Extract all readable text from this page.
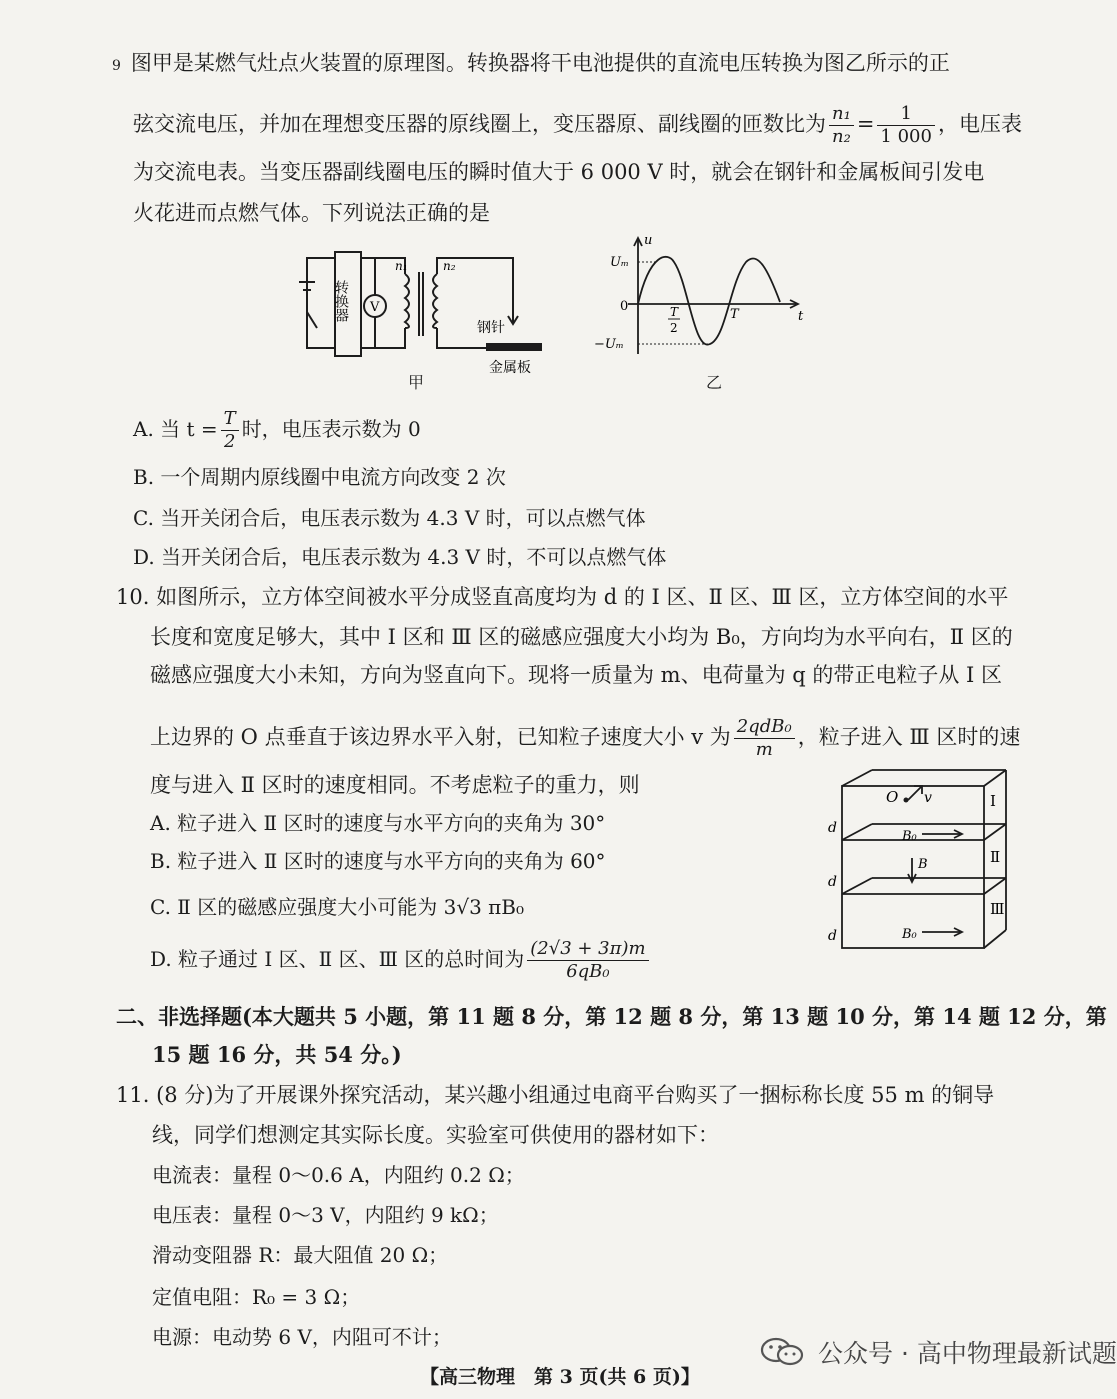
9 图甲是某燃气灶点火装置的原理图。转换器将干电池提供的直流电压转换为图乙所示的正
弦交流电压，并加在理想变压器的原线圈上，变压器原、副线圈的匝数比为 $\frac{\text{n₁}}{\text{n₂}} = \frac{1}{1 000}$ ，电压表
为交流电表。当变压器副线圈电压的瞬时值大于 6 000 V 时，就会在钢针和金属板间引发电
火花进而点燃气体。下列说法正确的是
转换器 V
n₁	n₂
钢针
金属板
甲
u
Uₘ
0
−Uₘ
t
T
2
T
乙
A. 当 $t = \frac{T}{2}$ 时，电压表示数为 0
B. 一个周期内原线圈中电流方向改变 2 次
C. 当开关闭合后，电压表示数为 4.3 V 时，可以点燃气体
D. 当开关闭合后，电压表示数为 4.3 V 时，不可以点燃气体
10. 如图所示，立方体空间被水平分成竖直高度均为 d 的 Ⅰ 区、Ⅱ 区、Ⅲ 区，立方体空间的水平
长度和宽度足够大，其中 Ⅰ 区和 Ⅲ 区的磁感应强度大小均为 B₀，方向均为水平向右，Ⅱ 区的
磁感应强度大小未知，方向为竖直向下。现将一质量为 m、电荷量为 q 的带正电粒子从 Ⅰ 区
上边界的 O 点垂直于该边界水平入射，已知粒子速度大小 v 为 $\frac{\text{2qdB₀}}{m}$ ，粒子进入 Ⅲ 区时的速
度与进入 Ⅱ 区时的速度相同。不考虑粒子的重力，则
A. 粒子进入 Ⅱ 区时的速度与水平方向的夹角为 30°
B. 粒子进入 Ⅱ 区时的速度与水平方向的夹角为 60°
C. Ⅱ 区的磁感应强度大小可能为 3√3 πB₀
D. 粒子通过 Ⅰ 区、Ⅱ 区、Ⅲ 区的总时间为 $\frac{(2√3 + 3\pi)m}{\text{6qB₀}}$
O v	Ⅰ
Ⅱ
Ⅲ
d
d
d
B₀
B
B₀
二、非选择题(本大题共 5 小题，第 11 题 8 分，第 12 题 8 分，第 13 题 10 分，第 14 题 12 分，第
15 题 16 分，共 54 分。)
11. (8 分)为了开展课外探究活动，某兴趣小组通过电商平台购买了一捆标称长度 55 m 的铜导
线，同学们想测定其实际长度。实验室可供使用的器材如下：
电流表：量程 0～0.6 A，内阻约 0.2 Ω；
电压表：量程 0～3 V，内阻约 9 kΩ；
滑动变阻器 R：最大阻值 20 Ω；
定值电阻：R₀ = 3 Ω；
电源：电动势 6 V，内阻可不计；
公众号 · 高中物理最新试题
【高三物理　第 3 页(共 6 页)】
